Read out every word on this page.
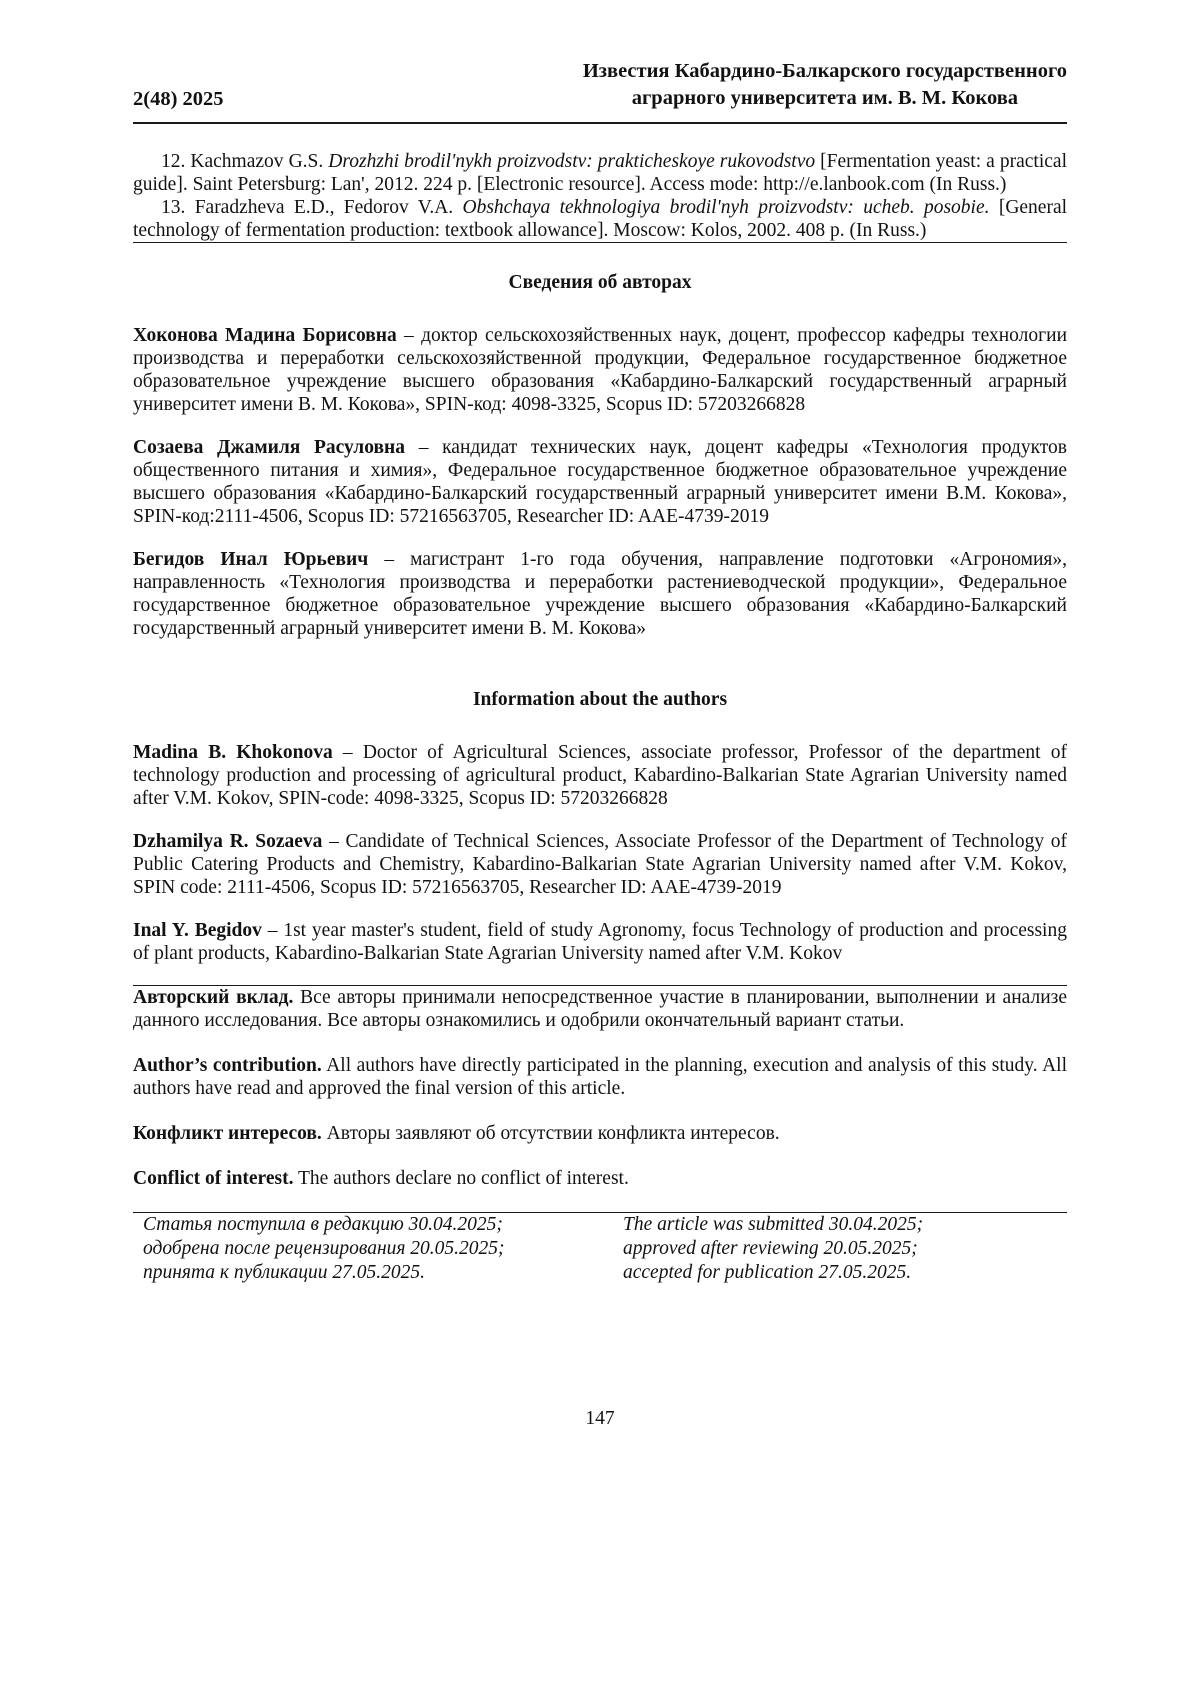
2(48) 2025
Известия Кабардино-Балкарского государственного
аграрного университета им. В. М. Кокова

12. Kachmazov G.S. Drozhzhi brodil'nykh proizvodstv: prakticheskoye rukovodstvo [Fermentation yeast: a practical guide]. Saint Petersburg: Lan', 2012. 224 p. [Electronic resource]. Access mode: http://e.lanbook.com (In Russ.)

13. Faradzheva E.D., Fedorov V.A. Obshchaya tekhnologiya brodil'nyh proizvodstv: ucheb. posobie. [General technology of fermentation production: textbook allowance]. Moscow: Kolos, 2002. 408 p. (In Russ.)

Сведения об авторах

Хоконова Мадина Борисовна – доктор сельскохозяйственных наук, доцент, профессор кафедры технологии производства и переработки сельскохозяйственной продукции, Федеральное государственное бюджетное образовательное учреждение высшего образования «Кабардино-Балкарский государственный аграрный университет имени В. М. Кокова», SPIN-код: 4098-3325, Scopus ID: 57203266828

Созаева Джамиля Расуловна – кандидат технических наук, доцент кафедры «Технология продуктов общественного питания и химия», Федеральное государственное бюджетное образовательное учреждение высшего образования «Кабардино-Балкарский государственный аграрный университет имени В.М. Кокова», SPIN-код:2111-4506, Scopus ID: 57216563705, Researcher ID: AAE-4739-2019

Бегидов Инал Юрьевич – магистрант 1-го года обучения, направление подготовки «Агрономия», направленность «Технология производства и переработки растениеводческой продукции», Федеральное государственное бюджетное образовательное учреждение высшего образования «Кабардино-Балкарский государственный аграрный университет имени В. М. Кокова»

Information about the authors

Madina B. Khokonova – Doctor of Agricultural Sciences, associate professor, Professor of the department of technology production and processing of agricultural product, Kabardino-Balkarian State Agrarian University named after V.M. Kokov, SPIN-code: 4098-3325, Scopus ID: 57203266828

Dzhamilya R. Sozaeva – Candidate of Technical Sciences, Associate Professor of the Department of Technology of Public Catering Products and Chemistry, Kabardino-Balkarian State Agrarian University named after V.M. Kokov, SPIN code: 2111-4506, Scopus ID: 57216563705, Researcher ID: AAE-4739-2019

Inal Y. Begidov – 1st year master's student, field of study Agronomy, focus Technology of production and processing of plant products, Kabardino-Balkarian State Agrarian University named after V.M. Kokov

Авторский вклад. Все авторы принимали непосредственное участие в планировании, выполнении и анализе данного исследования. Все авторы ознакомились и одобрили окончательный вариант статьи.

Author’s contribution. All authors have directly participated in the planning, execution and analysis of this study. All authors have read and approved the final version of this article.

Конфликт интересов. Авторы заявляют об отсутствии конфликта интересов.

Conflict of interest. The authors declare no conflict of interest.

Статья поступила в редакцию 30.04.2025;
одобрена после рецензирования 20.05.2025;
принята к публикации 27.05.2025.
The article was submitted 30.04.2025;
approved after reviewing 20.05.2025;
accepted for publication 27.05.2025.
147
